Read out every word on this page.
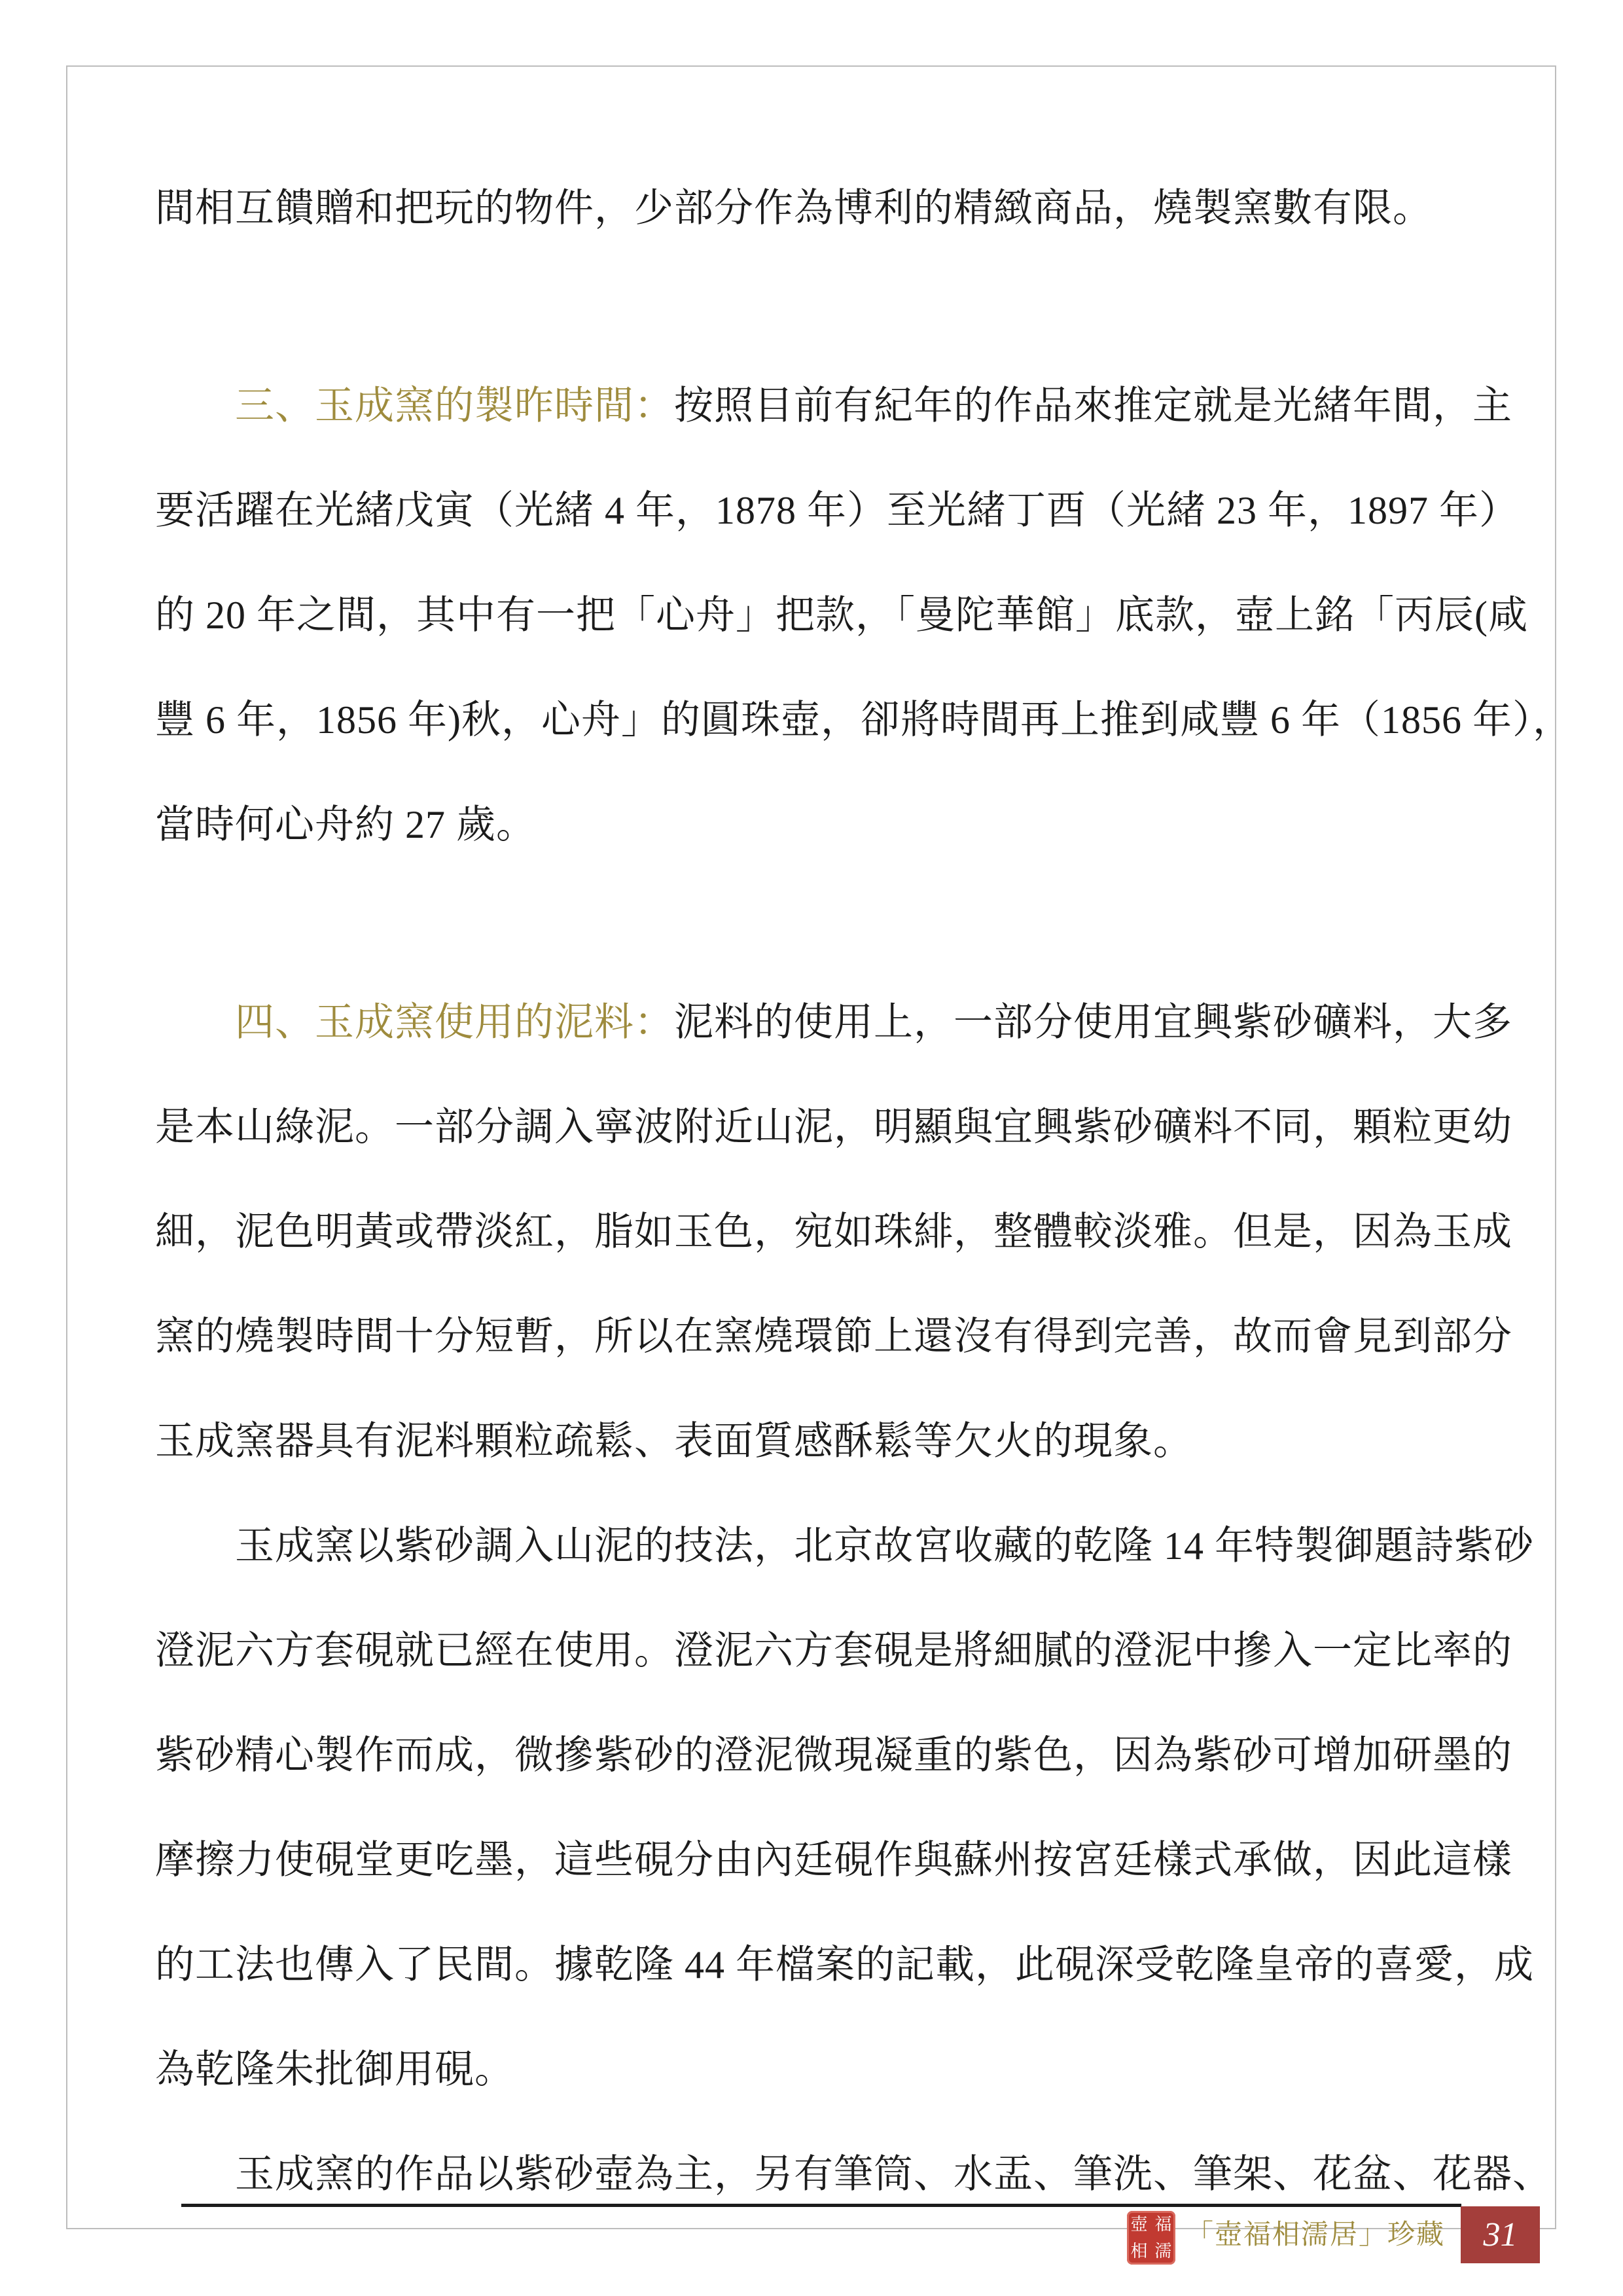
間相互饋贈和把玩的物件，少部分作為博利的精緻商品，燒製窯數有限。
三、玉成窯的製昨時間：按照目前有紀年的作品來推定就是光緒年間，主
要活躍在光緒戊寅（光緒 4 年，1878 年）至光緒丁酉（光緒 23 年，1897 年）
的 20 年之間，其中有一把「心舟」把款，「曼陀華館」底款，壺上銘「丙辰(咸
豐 6 年，1856 年)秋，心舟」的圓珠壺，卻將時間再上推到咸豐 6 年（1856 年），
當時何心舟約 27 歲。
四、玉成窯使用的泥料：泥料的使用上，一部分使用宜興紫砂礦料，大多
是本山綠泥。一部分調入寧波附近山泥，明顯與宜興紫砂礦料不同，顆粒更幼
細，泥色明黃或帶淡紅，脂如玉色，宛如珠緋，整體較淡雅。但是，因為玉成
窯的燒製時間十分短暫，所以在窯燒環節上還沒有得到完善，故而會見到部分
玉成窯器具有泥料顆粒疏鬆、表面質感酥鬆等欠火的現象。
玉成窯以紫砂調入山泥的技法，北京故宮收藏的乾隆 14 年特製御題詩紫砂
澄泥六方套硯就已經在使用。澄泥六方套硯是將細膩的澄泥中摻入一定比率的
紫砂精心製作而成，微摻紫砂的澄泥微現凝重的紫色，因為紫砂可增加研墨的
摩擦力使硯堂更吃墨，這些硯分由內廷硯作與蘇州按宮廷樣式承做，因此這樣
的工法也傳入了民間。據乾隆 44 年檔案的記載，此硯深受乾隆皇帝的喜愛，成
為乾隆朱批御用硯。
玉成窯的作品以紫砂壺為主，另有筆筒、水盂、筆洗、筆架、花盆、花器、
壺 福
相 濡
「壺福相濡居」珍藏	31
